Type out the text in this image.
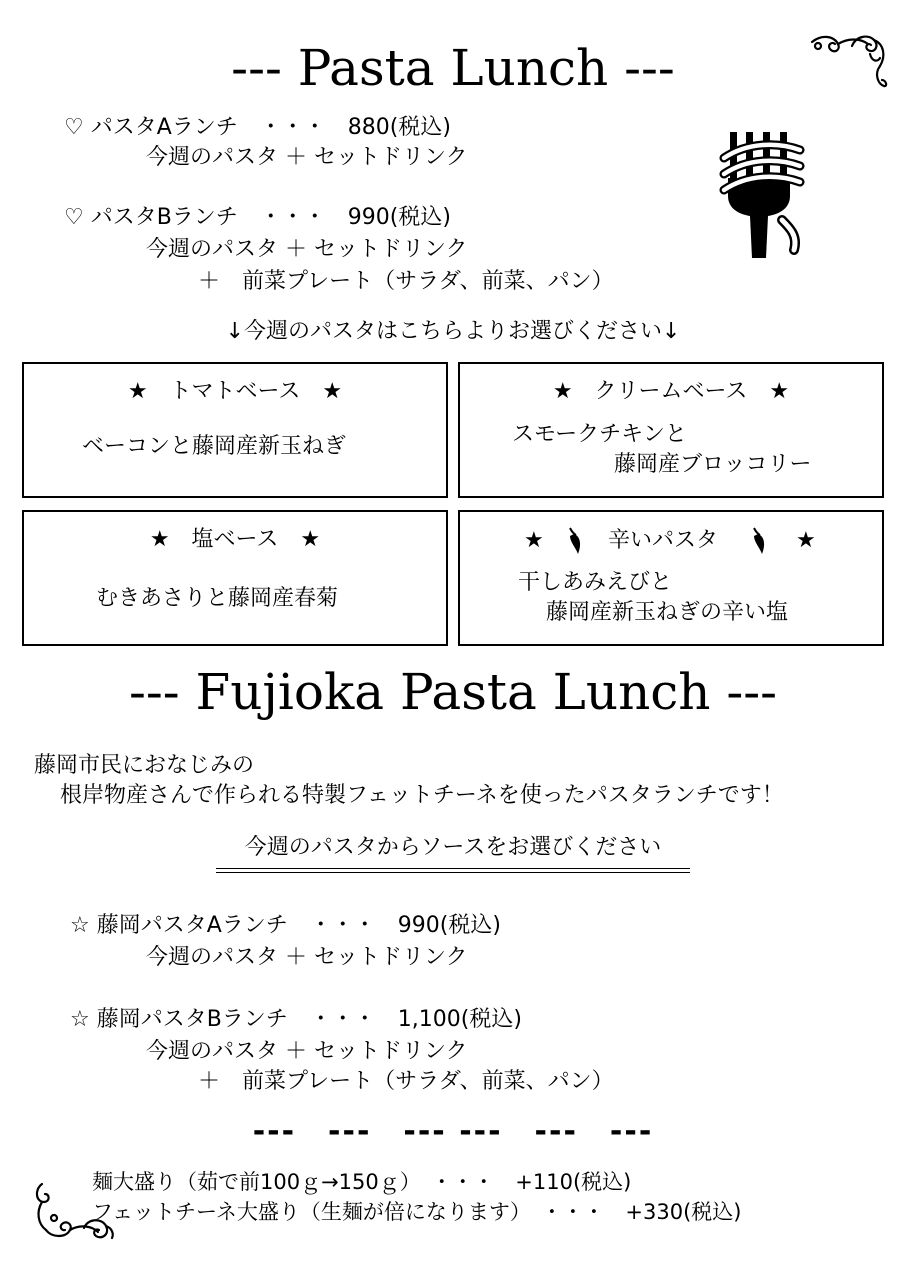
--- Pasta Lunch ---
♡ パスタAランチ　・・・　880(税込)
今週のパスタ ＋ セットドリンク
♡ パスタBランチ　・・・　990(税込)
今週のパスタ ＋ セットドリンク
＋　前菜プレート（サラダ、前菜、パン）
↓今週のパスタはこちらよりお選びください↓
★　トマトベース　★
ベーコンと藤岡産新玉ねぎ
★　クリームベース　★
スモークチキンと
藤岡産ブロッコリー
★　塩ベース　★
むきあさりと藤岡産春菊
★	辛いパスタ	★
干しあみえびと
藤岡産新玉ねぎの辛い塩
--- Fujioka Pasta Lunch ---
藤岡市民におなじみの
根岸物産さんで作られる特製フェットチーネを使ったパスタランチです！
今週のパスタからソースをお選びください
☆ 藤岡パスタAランチ　・・・　990(税込)
今週のパスタ ＋ セットドリンク
☆ 藤岡パスタBランチ　・・・　1,100(税込)
今週のパスタ ＋ セットドリンク
＋　前菜プレート（サラダ、前菜、パン）
---　---　--- ---　---　---
麺大盛り（茹で前100ｇ→150ｇ）　・・・　+110(税込)
フェットチーネ大盛り（生麺が倍になります）　・・・　+330(税込)
